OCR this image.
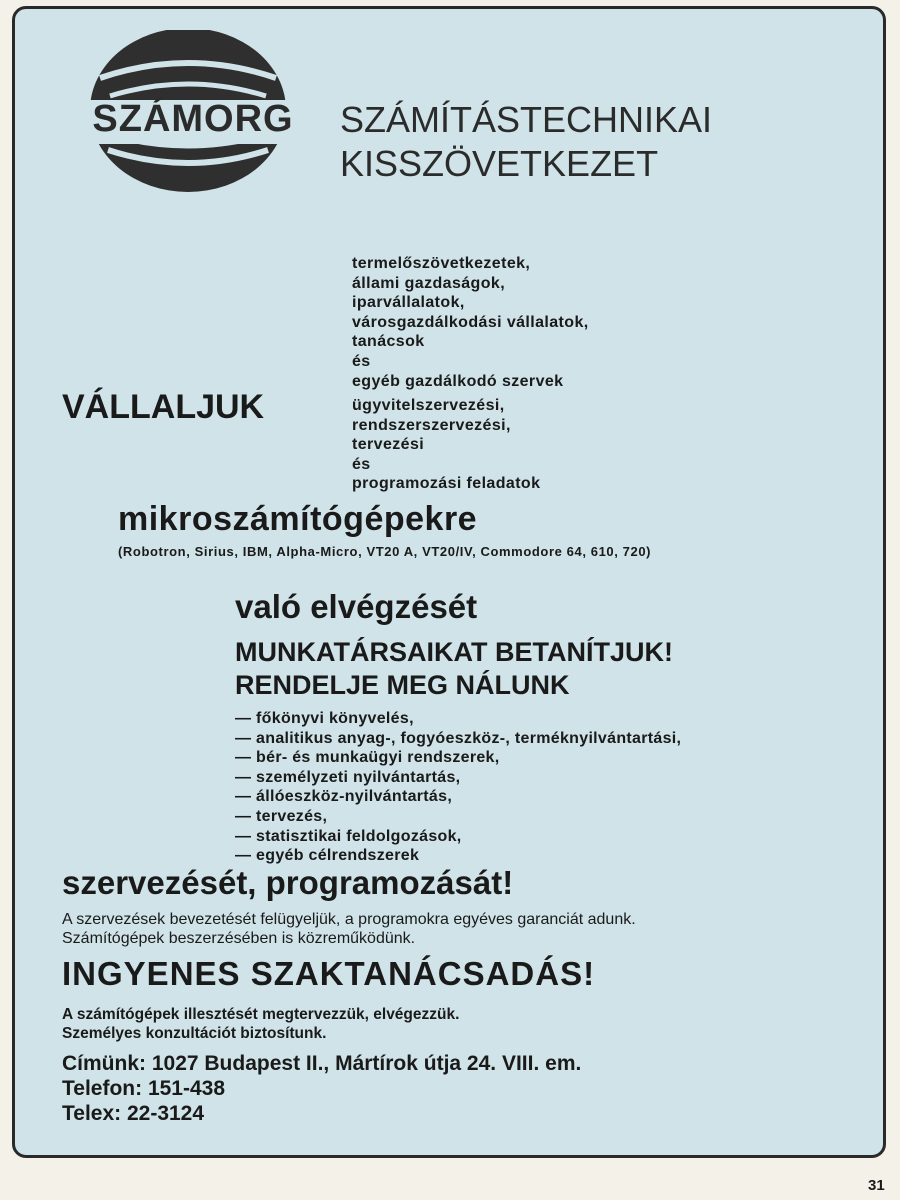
SZÁMORG	SZÁMÍTÁSTECHNIKAI
KISSZÖVETKEZET
termelőszövetkezetek,
állami gazdaságok,
iparvállalatok,
városgazdálkodási vállalatok,
tanácsok
és
egyéb gazdálkodó szervek
VÁLLALJUK	ügyvitelszervezési,
rendszerszervezési,
tervezési
és
programozási feladatok
mikroszámítógépekre
(Robotron, Sirius, IBM, Alpha-Micro, VT20 A, VT20/IV, Commodore 64, 610, 720)
való elvégzését
MUNKATÁRSAIKAT BETANÍTJUK!
RENDELJE MEG NÁLUNK
— főkönyvi könyvelés,
— analitikus anyag-, fogyóeszköz-, terméknyilvántartási,
— bér- és munkaügyi rendszerek,
— személyzeti nyilvántartás,
— állóeszköz-nyilvántartás,
— tervezés,
— statisztikai feldolgozások,
— egyéb célrendszerek
szervezését, programozását!
A szervezések bevezetését felügyeljük, a programokra egyéves garanciát adunk.
Számítógépek beszerzésében is közreműködünk.
INGYENES SZAKTANÁCSADÁS!
A számítógépek illesztését megtervezzük, elvégezzük.
Személyes konzultációt biztosítunk.
Címünk: 1027 Budapest II., Mártírok útja 24. VIII. em.
Telefon: 151-438
Telex: 22-3124
31
